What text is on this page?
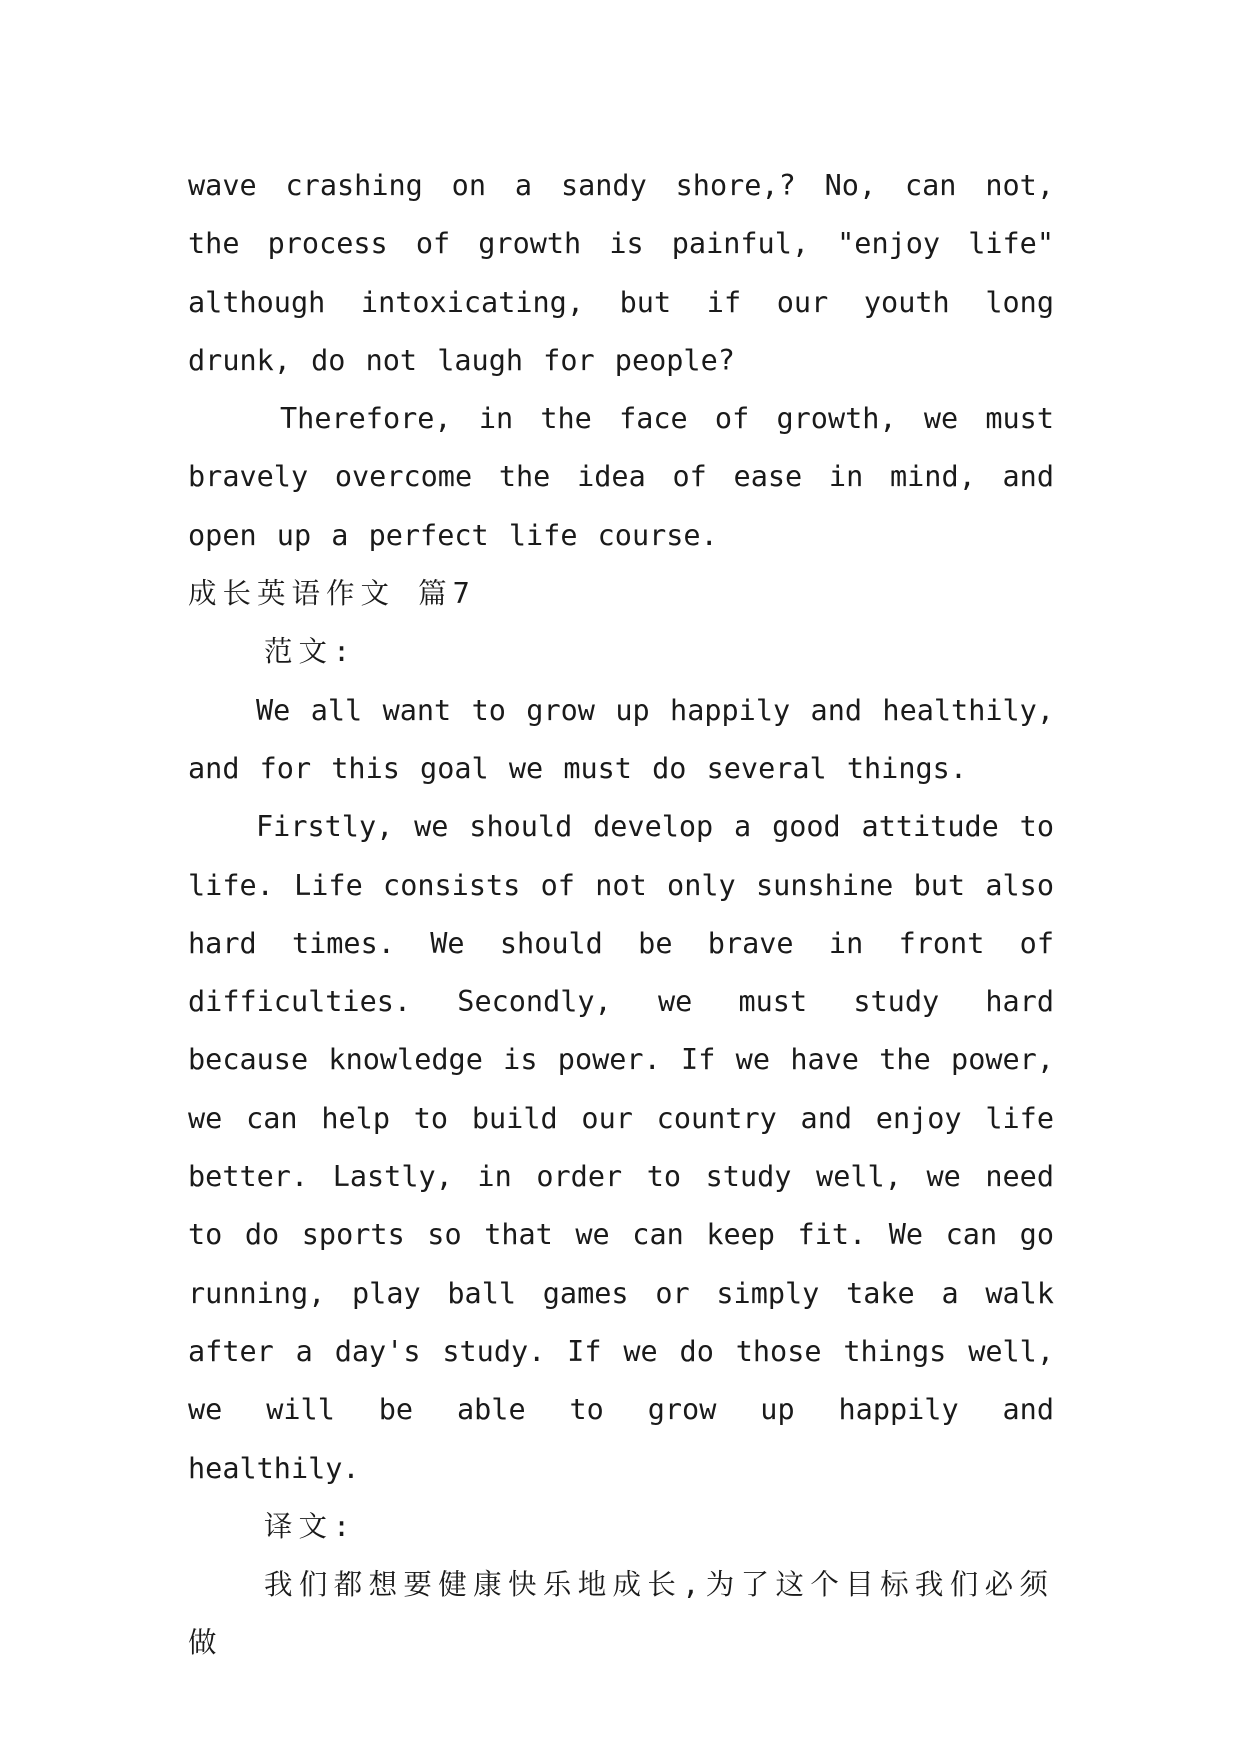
wave crashing on a sandy shore,? No, can not, the process of growth is painful, "enjoy life" although intoxicating, but if our youth long drunk, do not laugh for people?

Therefore, in the face of growth, we must bravely overcome the idea of ease in mind, and open up a perfect life course.

成长英语作文 篇7

范文:

We all want to grow up happily and healthily, and for this goal we must do several things.

Firstly, we should develop a good attitude to life. Life consists of not only sunshine but also hard times. We should be brave in front of difficulties. Secondly, we must study hard because knowledge is power. If we have the power, we can help to build our country and enjoy life better. Lastly, in order to study well, we need to do sports so that we can keep fit. We can go running, play ball games or simply take a walk after a day's study. If we do those things well, we will be able to grow up happily and healthily.

译文:

我们都想要健康快乐地成长,为了这个目标我们必须做
